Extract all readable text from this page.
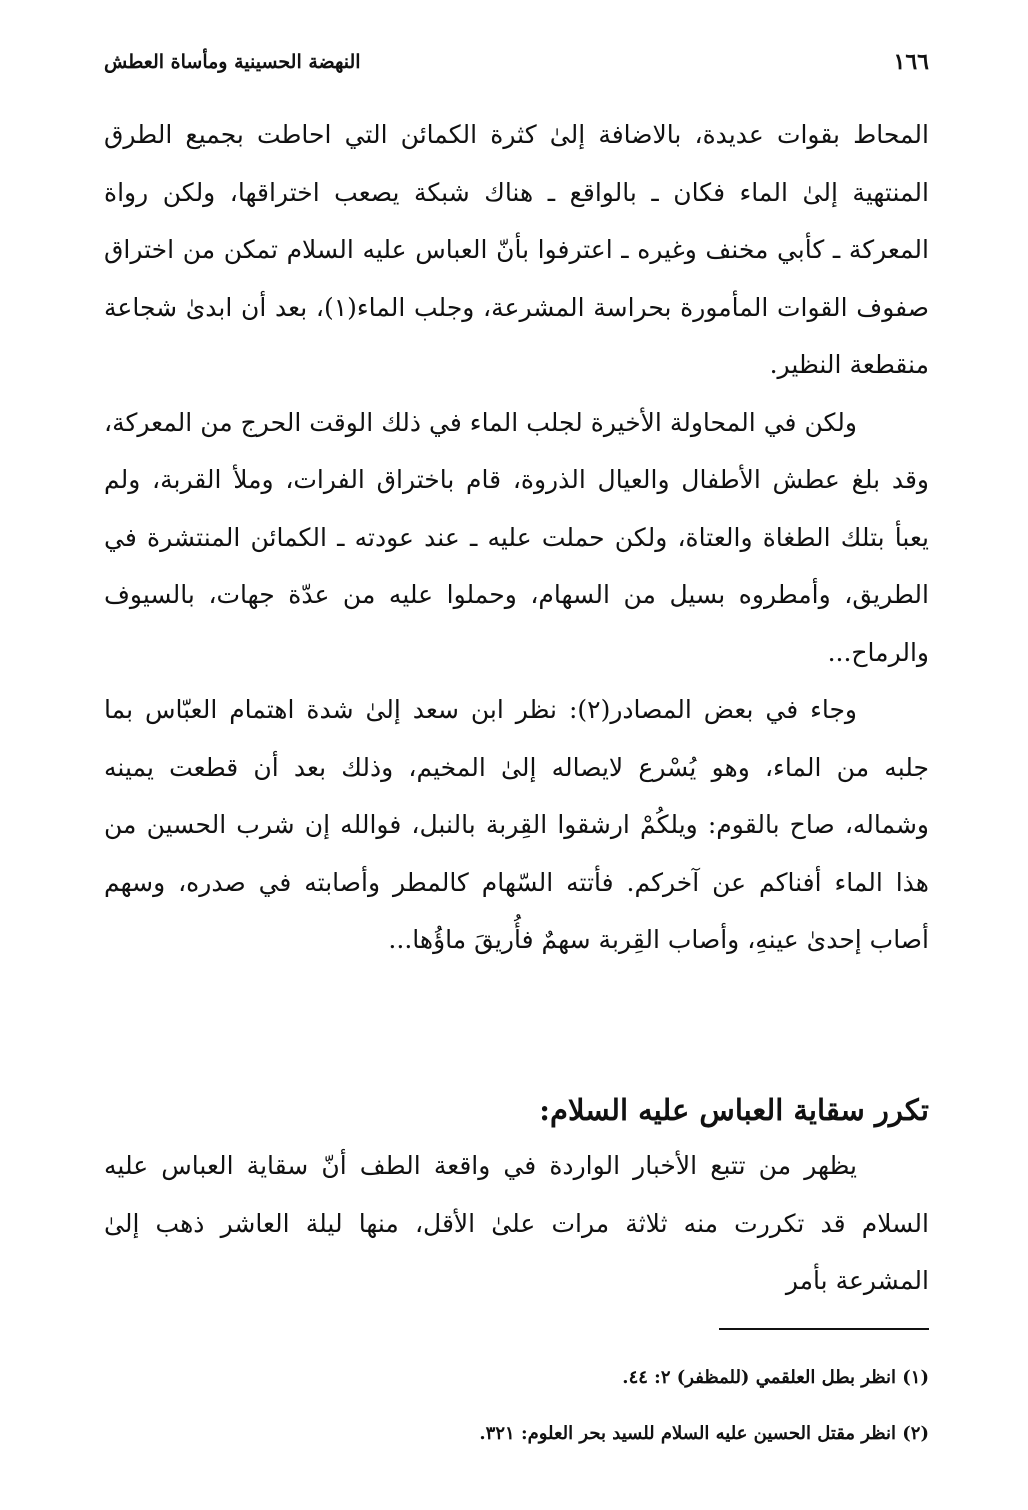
١٦٦
النهضة الحسينية ومأساة العطش

المحاط بقوات عديدة، بالاضافة إلىٰ كثرة الكمائن التي احاطت بجميع الطرق المنتهية إلىٰ الماء فكان ـ بالواقع ـ هناك شبكة يصعب اختراقها، ولكن رواة المعركة ـ كأبي مخنف وغيره ـ اعترفوا بأنّ العباس عليه السلام تمكن من اختراق صفوف القوات المأمورة بحراسة المشرعة، وجلب الماء(١)، بعد أن ابدىٰ شجاعة منقطعة النظير.

ولكن في المحاولة الأخيرة لجلب الماء في ذلك الوقت الحرج من المعركة، وقد بلغ عطش الأطفال والعيال الذروة، قام باختراق الفرات، وملأ القربة، ولم يعبأ بتلك الطغاة والعتاة، ولكن حملت عليه ـ عند عودته ـ الكمائن المنتشرة في الطريق، وأمطروه بسيل من السهام، وحملوا عليه من عدّة جهات، بالسيوف والرماح...

وجاء في بعض المصادر(٢): نظر ابن سعد إلىٰ شدة اهتمام العبّاس بما جلبه من الماء، وهو يُسْرع لايصاله إلىٰ المخيم، وذلك بعد أن قطعت يمينه وشماله، صاح بالقوم: ويلكُمْ ارشقوا القِربة بالنبل، فوالله إن شرب الحسين من هذا الماء أفناكم عن آخركم. فأتته السّهام كالمطر وأصابته في صدره، وسهم أصاب إحدىٰ عينهِ، وأصاب القِربة سهمٌ فأُريقَ ماؤُها...

تكرر سقاية العباس عليه السلام:

يظهر من تتبع الأخبار الواردة في واقعة الطف أنّ سقاية العباس عليه السلام قد تكررت منه ثلاثة مرات علىٰ الأقل، منها ليلة العاشر ذهب إلىٰ المشرعة بأمر

(١) انظر بطل العلقمي (للمظفر) ٢: ٤٤.

(٢) انظر مقتل الحسين عليه السلام للسيد بحر العلوم: ٣٢١.
